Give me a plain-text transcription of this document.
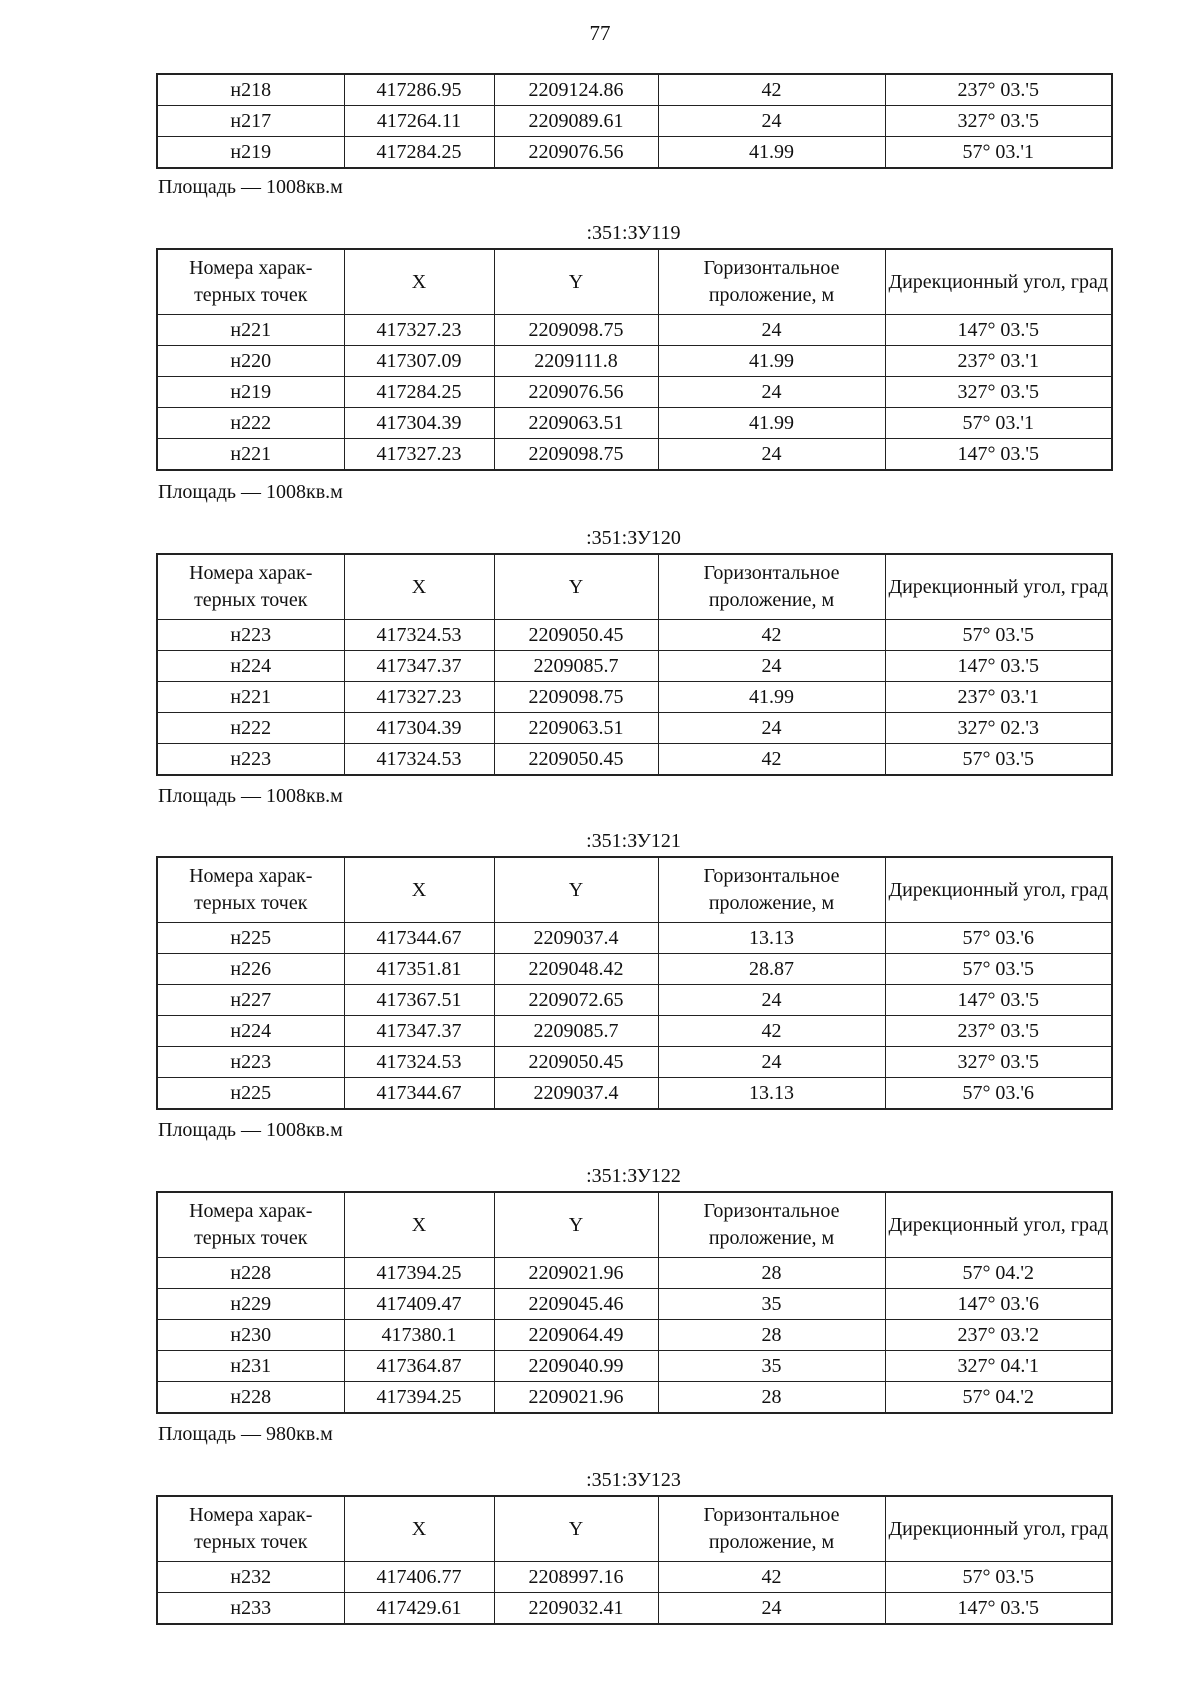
77
н218	417286.95	2209124.86	42	237° 03.'5
н217	417264.11	2209089.61	24	327° 03.'5
н219	417284.25	2209076.56	41.99	57° 03.'1
Площадь — 1008кв.м
:351:ЗУ119
Номера харак- терных точек	X	Y	Горизонтальное проложение, м	Дирекционный угол, град
н221	417327.23	2209098.75	24	147° 03.'5
н220	417307.09	2209111.8	41.99	237° 03.'1
н219	417284.25	2209076.56	24	327° 03.'5
н222	417304.39	2209063.51	41.99	57° 03.'1
н221	417327.23	2209098.75	24	147° 03.'5
Площадь — 1008кв.м
:351:ЗУ120
Номера харак- терных точек	X	Y	Горизонтальное проложение, м	Дирекционный угол, град
н223	417324.53	2209050.45	42	57° 03.'5
н224	417347.37	2209085.7	24	147° 03.'5
н221	417327.23	2209098.75	41.99	237° 03.'1
н222	417304.39	2209063.51	24	327° 02.'3
н223	417324.53	2209050.45	42	57° 03.'5
Площадь — 1008кв.м
:351:ЗУ121
Номера харак- терных точек	X	Y	Горизонтальное проложение, м	Дирекционный угол, град
н225	417344.67	2209037.4	13.13	57° 03.'6
н226	417351.81	2209048.42	28.87	57° 03.'5
н227	417367.51	2209072.65	24	147° 03.'5
н224	417347.37	2209085.7	42	237° 03.'5
н223	417324.53	2209050.45	24	327° 03.'5
н225	417344.67	2209037.4	13.13	57° 03.'6
Площадь — 1008кв.м
:351:ЗУ122
Номера харак- терных точек	X	Y	Горизонтальное проложение, м	Дирекционный угол, град
н228	417394.25	2209021.96	28	57° 04.'2
н229	417409.47	2209045.46	35	147° 03.'6
н230	417380.1	2209064.49	28	237° 03.'2
н231	417364.87	2209040.99	35	327° 04.'1
н228	417394.25	2209021.96	28	57° 04.'2
Площадь — 980кв.м
:351:ЗУ123
Номера харак- терных точек	X	Y	Горизонтальное проложение, м	Дирекционный угол, град
н232	417406.77	2208997.16	42	57° 03.'5
н233	417429.61	2209032.41	24	147° 03.'5
